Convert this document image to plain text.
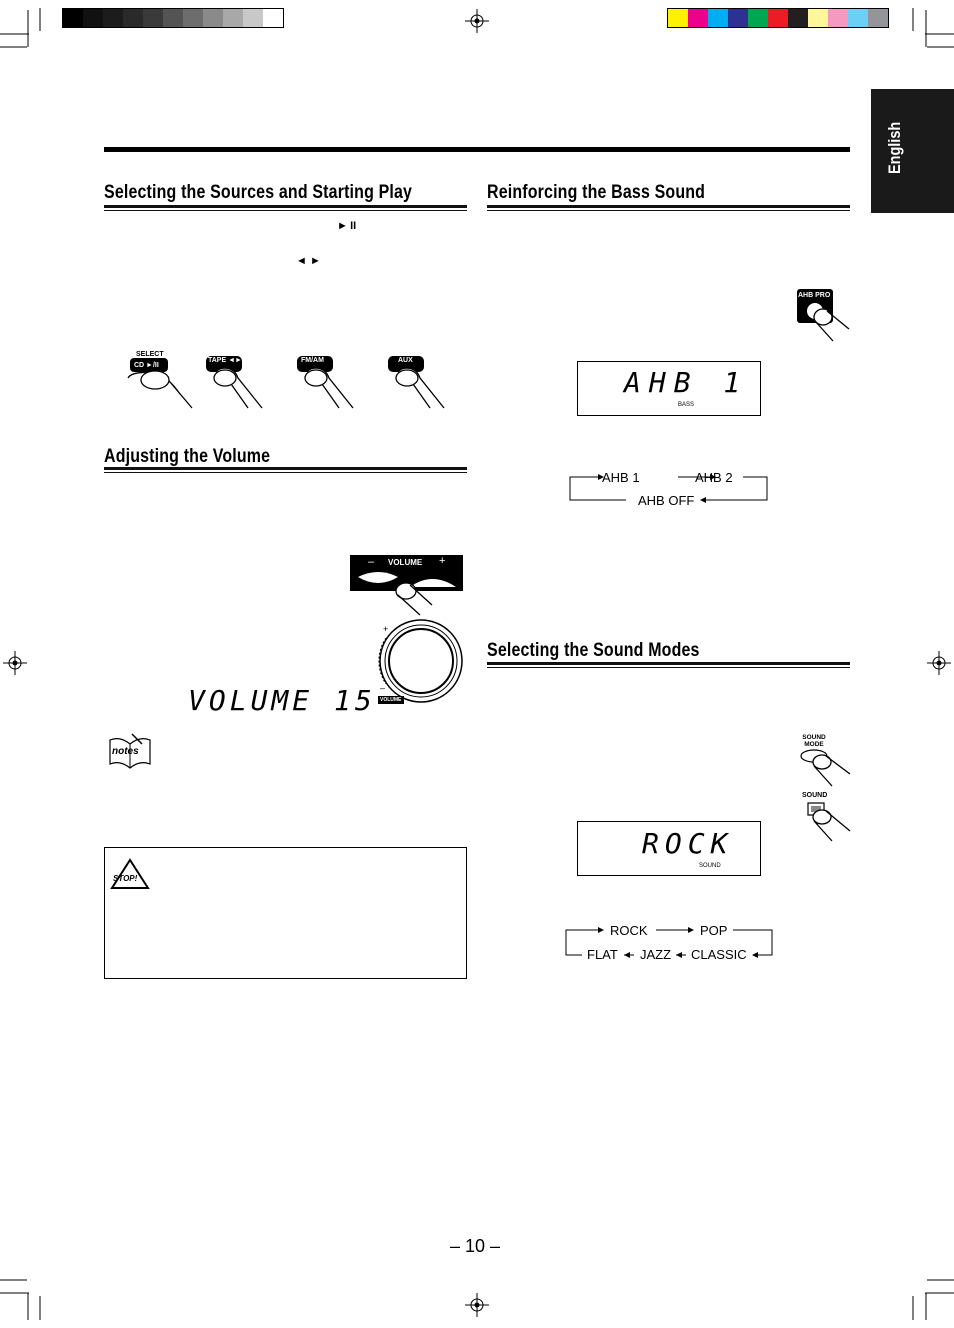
English
Selecting the Sources and Starting Play
► II
◄ ►
SELECT
CD ►/II
TAPE ◄►	FM/AM	AUX
Adjusting the Volume
– VOLUME +
+
–
VOLUME
VOLUME 15
notes
STOP!
Reinforcing the Bass Sound
AHB PRO
AHB 1
BASS
AHB 1	AHB 2
AHB OFF
Selecting the Sound Modes
SOUND MODE
SOUND
ROCK
SOUND
ROCK	POP
FLAT JAZZ CLASSIC
– 10 –
